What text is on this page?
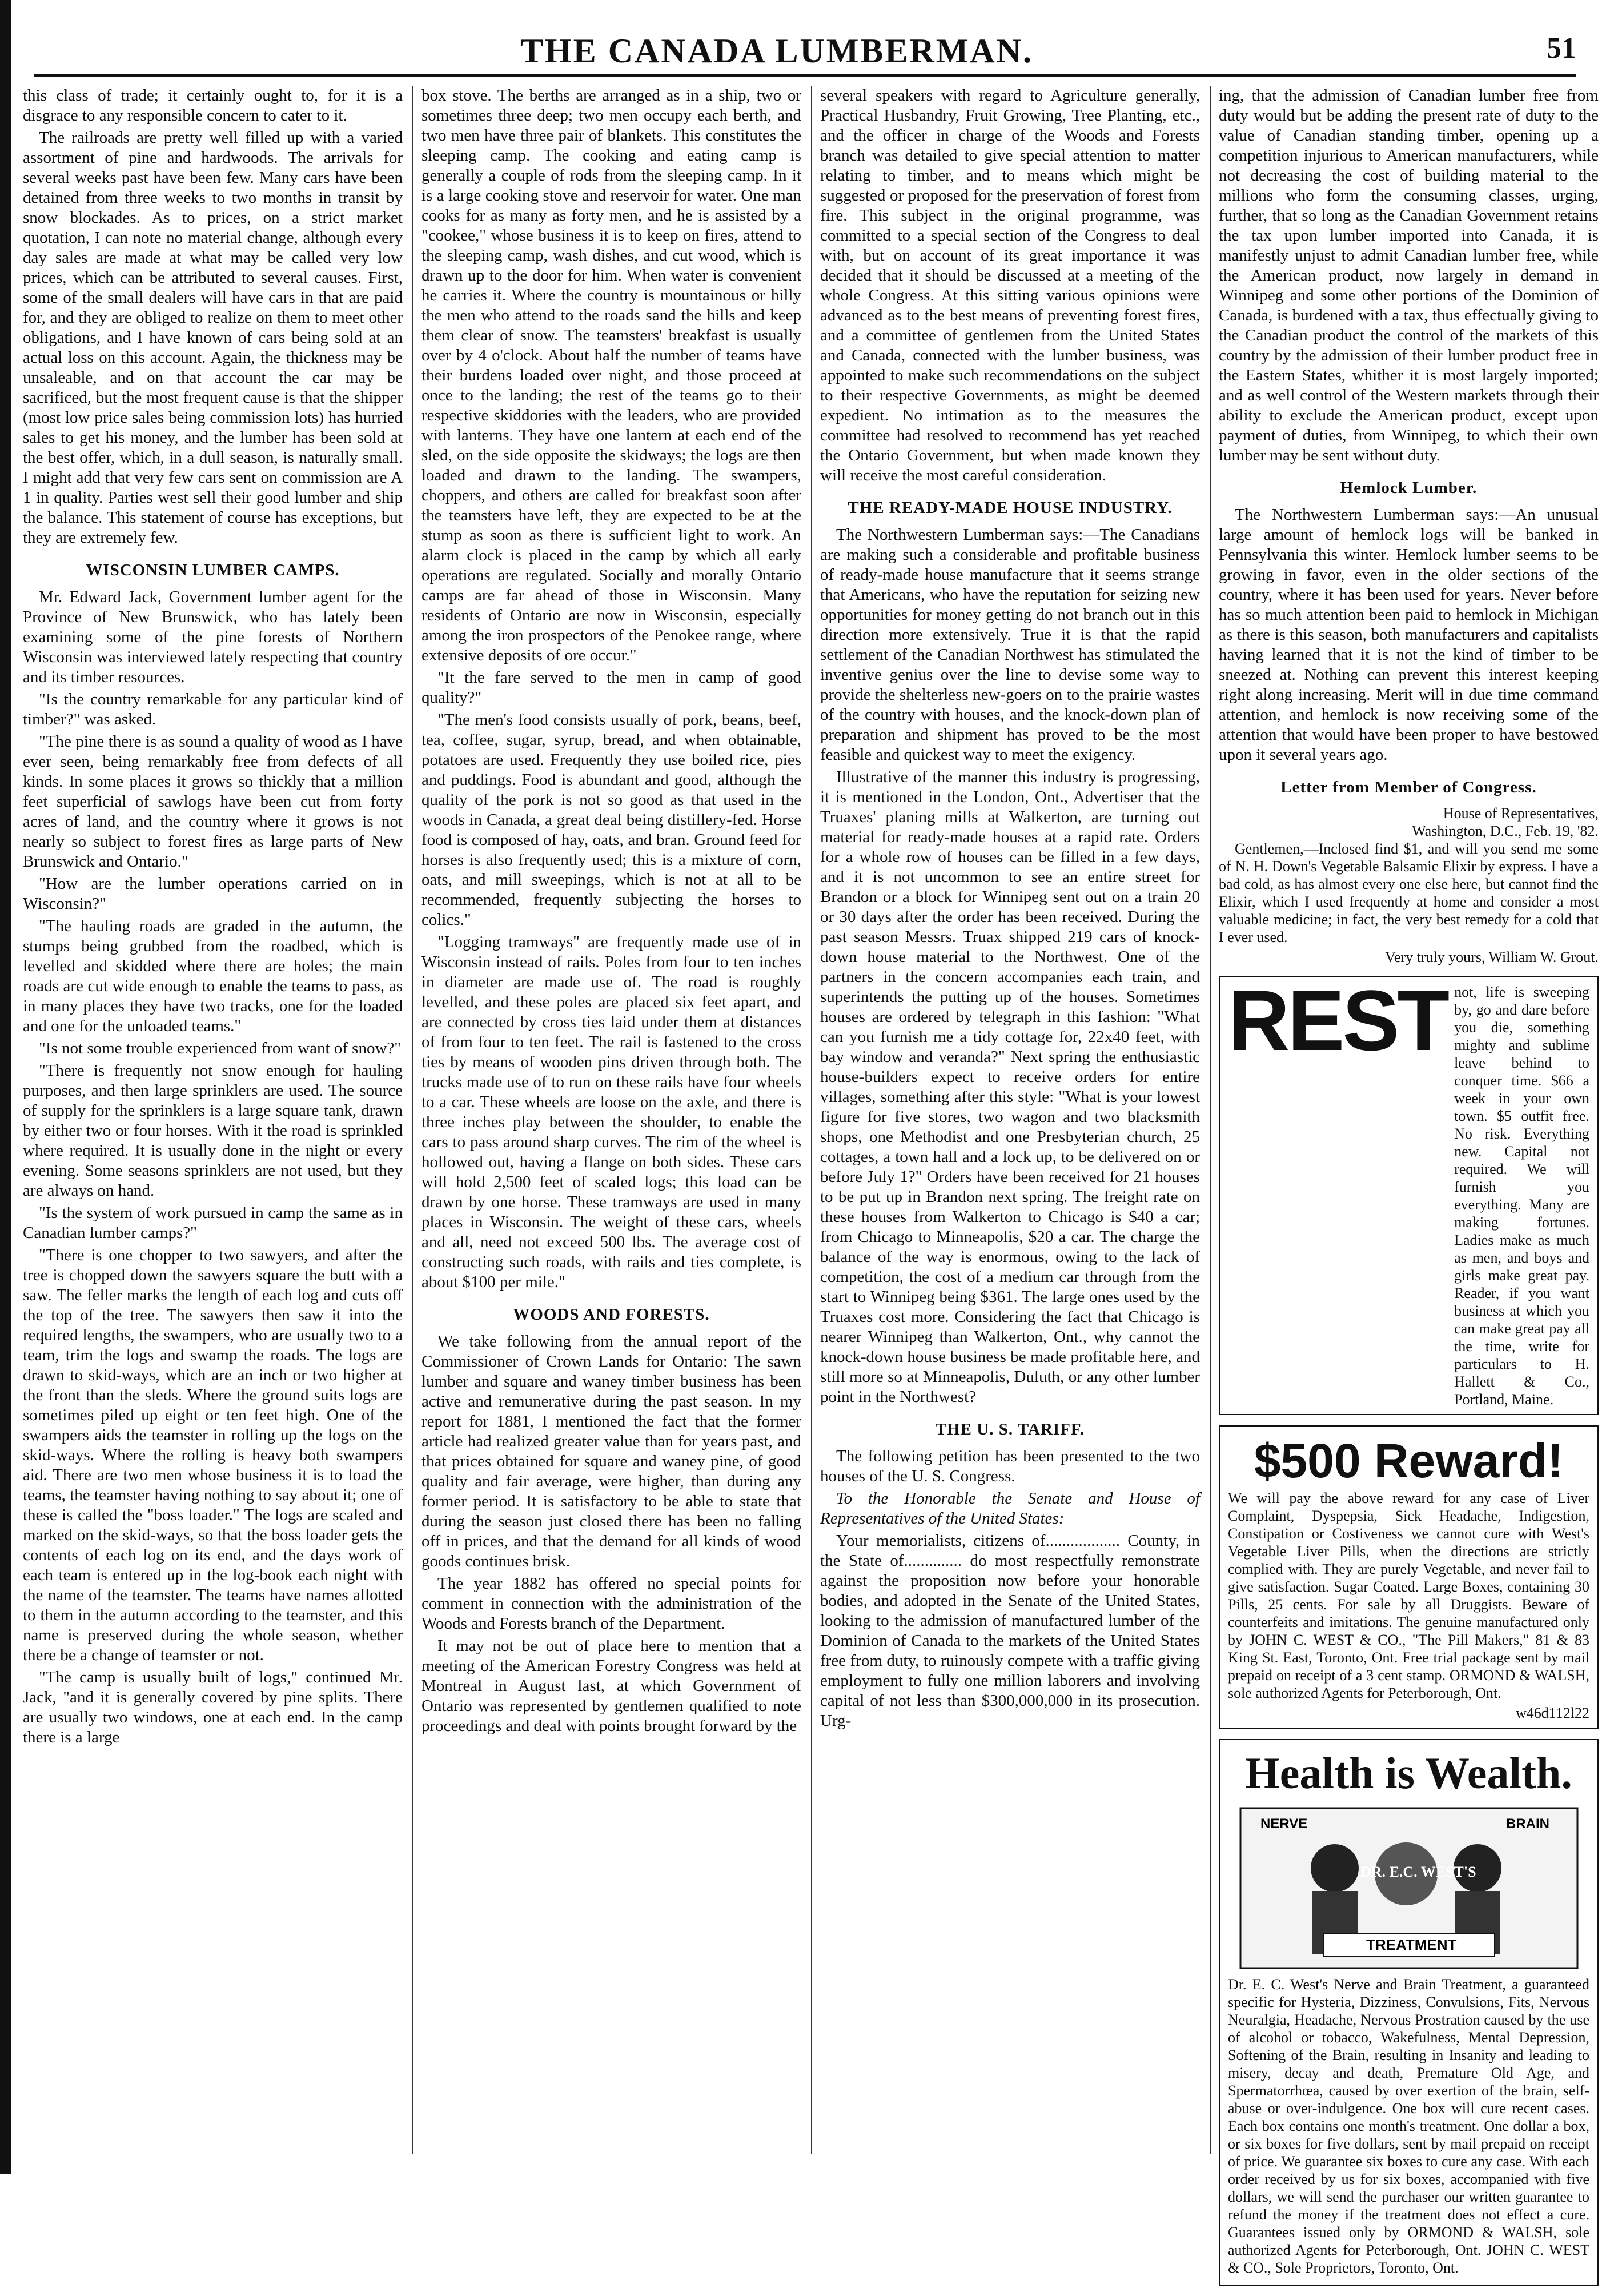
THE CANADA LUMBERMAN.	51

this class of trade; it certainly ought to, for it is a disgrace to any responsible concern to cater to it.

The railroads are pretty well filled up with a varied assortment of pine and hardwoods. The arrivals for several weeks past have been few. Many cars have been detained from three weeks to two months in transit by snow blockades. As to prices, on a strict market quotation, I can note no material change, although every day sales are made at what may be called very low prices, which can be attributed to several causes. First, some of the small dealers will have cars in that are paid for, and they are obliged to realize on them to meet other obligations, and I have known of cars being sold at an actual loss on this account. Again, the thickness may be unsaleable, and on that account the car may be sacrificed, but the most frequent cause is that the shipper (most low price sales being commission lots) has hurried sales to get his money, and the lumber has been sold at the best offer, which, in a dull season, is naturally small. I might add that very few cars sent on commission are A 1 in quality. Parties west sell their good lumber and ship the balance. This statement of course has exceptions, but they are extremely few.

WISCONSIN LUMBER CAMPS.

Mr. Edward Jack, Government lumber agent for the Province of New Brunswick, who has lately been examining some of the pine forests of Northern Wisconsin was interviewed lately respecting that country and its timber resources.

"Is the country remarkable for any particular kind of timber?" was asked.

"The pine there is as sound a quality of wood as I have ever seen, being remarkably free from defects of all kinds. In some places it grows so thickly that a million feet superficial of sawlogs have been cut from forty acres of land, and the country where it grows is not nearly so subject to forest fires as large parts of New Brunswick and Ontario."

"How are the lumber operations carried on in Wisconsin?"

"The hauling roads are graded in the autumn, the stumps being grubbed from the roadbed, which is levelled and skidded where there are holes; the main roads are cut wide enough to enable the teams to pass, as in many places they have two tracks, one for the loaded and one for the unloaded teams."

"Is not some trouble experienced from want of snow?"

"There is frequently not snow enough for hauling purposes, and then large sprinklers are used. The source of supply for the sprinklers is a large square tank, drawn by either two or four horses. With it the road is sprinkled where required. It is usually done in the night or every evening. Some seasons sprinklers are not used, but they are always on hand.

"Is the system of work pursued in camp the same as in Canadian lumber camps?"

"There is one chopper to two sawyers, and after the tree is chopped down the sawyers square the butt with a saw. The feller marks the length of each log and cuts off the top of the tree. The sawyers then saw it into the required lengths, the swampers, who are usually two to a team, trim the logs and swamp the roads. The logs are drawn to skid-ways, which are an inch or two higher at the front than the sleds. Where the ground suits logs are sometimes piled up eight or ten feet high. One of the swampers aids the teamster in rolling up the logs on the skid-ways. Where the rolling is heavy both swampers aid. There are two men whose business it is to load the teams, the teamster having nothing to say about it; one of these is called the "boss loader." The logs are scaled and marked on the skid-ways, so that the boss loader gets the contents of each log on its end, and the days work of each team is entered up in the log-book each night with the name of the teamster. The teams have names allotted to them in the autumn according to the teamster, and this name is preserved during the whole season, whether there be a change of teamster or not.

"The camp is usually built of logs," continued Mr. Jack, "and it is generally covered by pine splits. There are usually two windows, one at each end. In the camp there is a large

box stove. The berths are arranged as in a ship, two or sometimes three deep; two men occupy each berth, and two men have three pair of blankets. This constitutes the sleeping camp. The cooking and eating camp is generally a couple of rods from the sleeping camp. In it is a large cooking stove and reservoir for water. One man cooks for as many as forty men, and he is assisted by a "cookee," whose business it is to keep on fires, attend to the sleeping camp, wash dishes, and cut wood, which is drawn up to the door for him. When water is convenient he carries it. Where the country is mountainous or hilly the men who attend to the roads sand the hills and keep them clear of snow. The teamsters' breakfast is usually over by 4 o'clock. About half the number of teams have their burdens loaded over night, and those proceed at once to the landing; the rest of the teams go to their respective skiddories with the leaders, who are provided with lanterns. They have one lantern at each end of the sled, on the side opposite the skidways; the logs are then loaded and drawn to the landing. The swampers, choppers, and others are called for breakfast soon after the teamsters have left, they are expected to be at the stump as soon as there is sufficient light to work. An alarm clock is placed in the camp by which all early operations are regulated. Socially and morally Ontario camps are far ahead of those in Wisconsin. Many residents of Ontario are now in Wisconsin, especially among the iron prospectors of the Penokee range, where extensive deposits of ore occur."

"It the fare served to the men in camp of good quality?"

"The men's food consists usually of pork, beans, beef, tea, coffee, sugar, syrup, bread, and when obtainable, potatoes are used. Frequently they use boiled rice, pies and puddings. Food is abundant and good, although the quality of the pork is not so good as that used in the woods in Canada, a great deal being distillery-fed. Horse food is composed of hay, oats, and bran. Ground feed for horses is also frequently used; this is a mixture of corn, oats, and mill sweepings, which is not at all to be recommended, frequently subjecting the horses to colics."

"Logging tramways" are frequently made use of in Wisconsin instead of rails. Poles from four to ten inches in diameter are made use of. The road is roughly levelled, and these poles are placed six feet apart, and are connected by cross ties laid under them at distances of from four to ten feet. The rail is fastened to the cross ties by means of wooden pins driven through both. The trucks made use of to run on these rails have four wheels to a car. These wheels are loose on the axle, and there is three inches play between the shoulder, to enable the cars to pass around sharp curves. The rim of the wheel is hollowed out, having a flange on both sides. These cars will hold 2,500 feet of scaled logs; this load can be drawn by one horse. These tramways are used in many places in Wisconsin. The weight of these cars, wheels and all, need not exceed 500 lbs. The average cost of constructing such roads, with rails and ties complete, is about $100 per mile."

WOODS AND FORESTS.

We take following from the annual report of the Commissioner of Crown Lands for Ontario: The sawn lumber and square and waney timber business has been active and remunerative during the past season. In my report for 1881, I mentioned the fact that the former article had realized greater value than for years past, and that prices obtained for square and waney pine, of good quality and fair average, were higher, than during any former period. It is satisfactory to be able to state that during the season just closed there has been no falling off in prices, and that the demand for all kinds of wood goods continues brisk.

The year 1882 has offered no special points for comment in connection with the administration of the Woods and Forests branch of the Department.

It may not be out of place here to mention that a meeting of the American Forestry Congress was held at Montreal in August last, at which Government of Ontario was represented by gentlemen qualified to note proceedings and deal with points brought forward by the

several speakers with regard to Agriculture generally, Practical Husbandry, Fruit Growing, Tree Planting, etc., and the officer in charge of the Woods and Forests branch was detailed to give special attention to matter relating to timber, and to means which might be suggested or proposed for the preservation of forest from fire. This subject in the original programme, was committed to a special section of the Congress to deal with, but on account of its great importance it was decided that it should be discussed at a meeting of the whole Congress. At this sitting various opinions were advanced as to the best means of preventing forest fires, and a committee of gentlemen from the United States and Canada, connected with the lumber business, was appointed to make such recommendations on the subject to their respective Governments, as might be deemed expedient. No intimation as to the measures the committee had resolved to recommend has yet reached the Ontario Government, but when made known they will receive the most careful consideration.

THE READY-MADE HOUSE INDUSTRY.

The Northwestern Lumberman says:—The Canadians are making such a considerable and profitable business of ready-made house manufacture that it seems strange that Americans, who have the reputation for seizing new opportunities for money getting do not branch out in this direction more extensively. True it is that the rapid settlement of the Canadian Northwest has stimulated the inventive genius over the line to devise some way to provide the shelterless new-goers on to the prairie wastes of the country with houses, and the knock-down plan of preparation and shipment has proved to be the most feasible and quickest way to meet the exigency.

Illustrative of the manner this industry is progressing, it is mentioned in the London, Ont., Advertiser that the Truaxes' planing mills at Walkerton, are turning out material for ready-made houses at a rapid rate. Orders for a whole row of houses can be filled in a few days, and it is not uncommon to see an entire street for Brandon or a block for Winnipeg sent out on a train 20 or 30 days after the order has been received. During the past season Messrs. Truax shipped 219 cars of knock-down house material to the Northwest. One of the partners in the concern accompanies each train, and superintends the putting up of the houses. Sometimes houses are ordered by telegraph in this fashion: "What can you furnish me a tidy cottage for, 22x40 feet, with bay window and veranda?" Next spring the enthusiastic house-builders expect to receive orders for entire villages, something after this style: "What is your lowest figure for five stores, two wagon and two blacksmith shops, one Methodist and one Presbyterian church, 25 cottages, a town hall and a lock up, to be delivered on or before July 1?" Orders have been received for 21 houses to be put up in Brandon next spring. The freight rate on these houses from Walkerton to Chicago is $40 a car; from Chicago to Minneapolis, $20 a car. The charge the balance of the way is enormous, owing to the lack of competition, the cost of a medium car through from the start to Winnipeg being $361. The large ones used by the Truaxes cost more. Considering the fact that Chicago is nearer Winnipeg than Walkerton, Ont., why cannot the knock-down house business be made profitable here, and still more so at Minneapolis, Duluth, or any other lumber point in the Northwest?

THE U. S. TARIFF.

The following petition has been presented to the two houses of the U. S. Congress.

To the Honorable the Senate and House of Representatives of the United States:

Your memorialists, citizens of.................. County, in the State of.............. do most respectfully remonstrate against the proposition now before your honorable bodies, and adopted in the Senate of the United States, looking to the admission of manufactured lumber of the Dominion of Canada to the markets of the United States free from duty, to ruinously compete with a traffic giving employment to fully one million laborers and involving capital of not less than $300,000,000 in its prosecution. Urg-

ing, that the admission of Canadian lumber free from duty would but be adding the present rate of duty to the value of Canadian standing timber, opening up a competition injurious to American manufacturers, while not decreasing the cost of building material to the millions who form the consuming classes, urging, further, that so long as the Canadian Government retains the tax upon lumber imported into Canada, it is manifestly unjust to admit Canadian lumber free, while the American product, now largely in demand in Winnipeg and some other portions of the Dominion of Canada, is burdened with a tax, thus effectually giving to the Canadian product the control of the markets of this country by the admission of their lumber product free in the Eastern States, whither it is most largely imported; and as well control of the Western markets through their ability to exclude the American product, except upon payment of duties, from Winnipeg, to which their own lumber may be sent without duty.

Hemlock Lumber.

The Northwestern Lumberman says:—An unusual large amount of hemlock logs will be banked in Pennsylvania this winter. Hemlock lumber seems to be growing in favor, even in the older sections of the country, where it has been used for years. Never before has so much attention been paid to hemlock in Michigan as there is this season, both manufacturers and capitalists having learned that it is not the kind of timber to be sneezed at. Nothing can prevent this interest keeping right along increasing. Merit will in due time command attention, and hemlock is now receiving some of the attention that would have been proper to have bestowed upon it several years ago.

Letter from Member of Congress.
House of Representatives,
Washington, D.C., Feb. 19, '82.

Gentlemen,—Inclosed find $1, and will you send me some of N. H. Down's Vegetable Balsamic Elixir by express. I have a bad cold, as has almost every one else here, but cannot find the Elixir, which I used frequently at home and consider a most valuable medicine; in fact, the very best remedy for a cold that I ever used.

Very truly yours, William W. Grout.
REST not, life is sweeping by, go and dare before you die, something mighty and sublime leave behind to conquer time. $66 a week in your own town. $5 outfit free. No risk. Everything new. Capital not required. We will furnish you everything. Many are making fortunes. Ladies make as much as men, and boys and girls make great pay. Reader, if you want business at which you can make great pay all the time, write for particulars to H. Hallett & Co., Portland, Maine.
$500 Reward!

We will pay the above reward for any case of Liver Complaint, Dyspepsia, Sick Headache, Indigestion, Constipation or Costiveness we cannot cure with West's Vegetable Liver Pills, when the directions are strictly complied with. They are purely Vegetable, and never fail to give satisfaction. Sugar Coated. Large Boxes, containing 30 Pills, 25 cents. For sale by all Druggists. Beware of counterfeits and imitations. The genuine manufactured only by JOHN C. WEST & CO., "The Pill Makers," 81 & 83 King St. East, Toronto, Ont. Free trial package sent by mail prepaid on receipt of a 3 cent stamp. ORMOND & WALSH, sole authorized Agents for Peterborough, Ont.

w46d112l22
Health is Wealth.
NERVE	BRAIN
DR. E.C. WEST'S
TREATMENT

Dr. E. C. West's Nerve and Brain Treatment, a guaranteed specific for Hysteria, Dizziness, Convulsions, Fits, Nervous Neuralgia, Headache, Nervous Prostration caused by the use of alcohol or tobacco, Wakefulness, Mental Depression, Softening of the Brain, resulting in Insanity and leading to misery, decay and death, Premature Old Age, and Spermatorrhœa, caused by over exertion of the brain, self-abuse or over-indulgence. One box will cure recent cases. Each box contains one month's treatment. One dollar a box, or six boxes for five dollars, sent by mail prepaid on receipt of price. We guarantee six boxes to cure any case. With each order received by us for six boxes, accompanied with five dollars, we will send the purchaser our written guarantee to refund the money if the treatment does not effect a cure. Guarantees issued only by ORMOND & WALSH, sole authorized Agents for Peterborough, Ont. JOHN C. WEST & CO., Sole Proprietors, Toronto, Ont.
